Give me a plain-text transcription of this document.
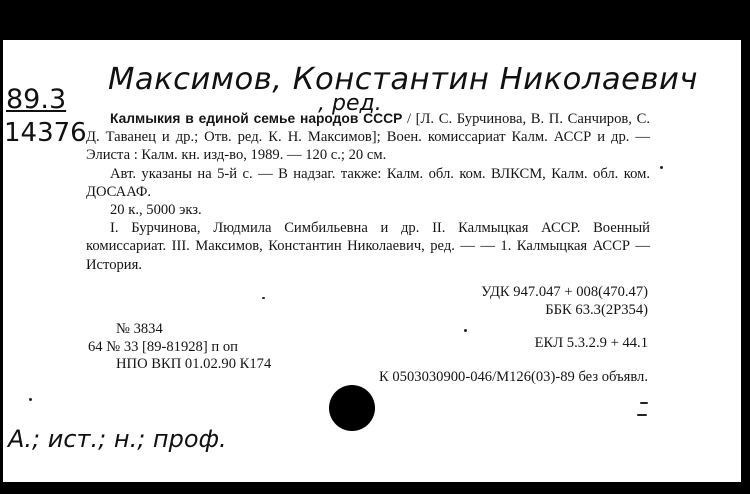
Максимов, Константин Николаевич
, ред.
89.3
14376	Калмыкия в единой семье народов СССР / [Л. С. Бурчинова, В. П. Санчиров, С. Д. Таванец и др.; Отв. ред. К. Н. Максимов]; Воен. комиссариат Калм. АССР и др. — Элиста : Калм. кн. изд-во, 1989. — 120 с.; 20 см.

Авт. указаны на 5-й с. — В надзаг. также: Калм. обл. ком. ВЛКСМ, Калм. обл. ком. ДОСААФ.

20 к., 5000 экз.

I. Бурчинова, Людмила Симбильевна и др. II. Калмыцкая АССР. Военный комиссариат. III. Максимов, Константин Николаевич, ред. — — 1. Калмыцкая АССР — История.

УДК 947.047 + 008(470.47)
ББК 63.3(2Р354)
№ 3834
64 № 33 [89-81928] п оп	ЕКЛ 5.3.2.9 + 44.1
НПО ВКП 01.02.90 К174
К 0503030900-046/М126(03)-89 без объявл.
А.; ист.; н.; проф.
